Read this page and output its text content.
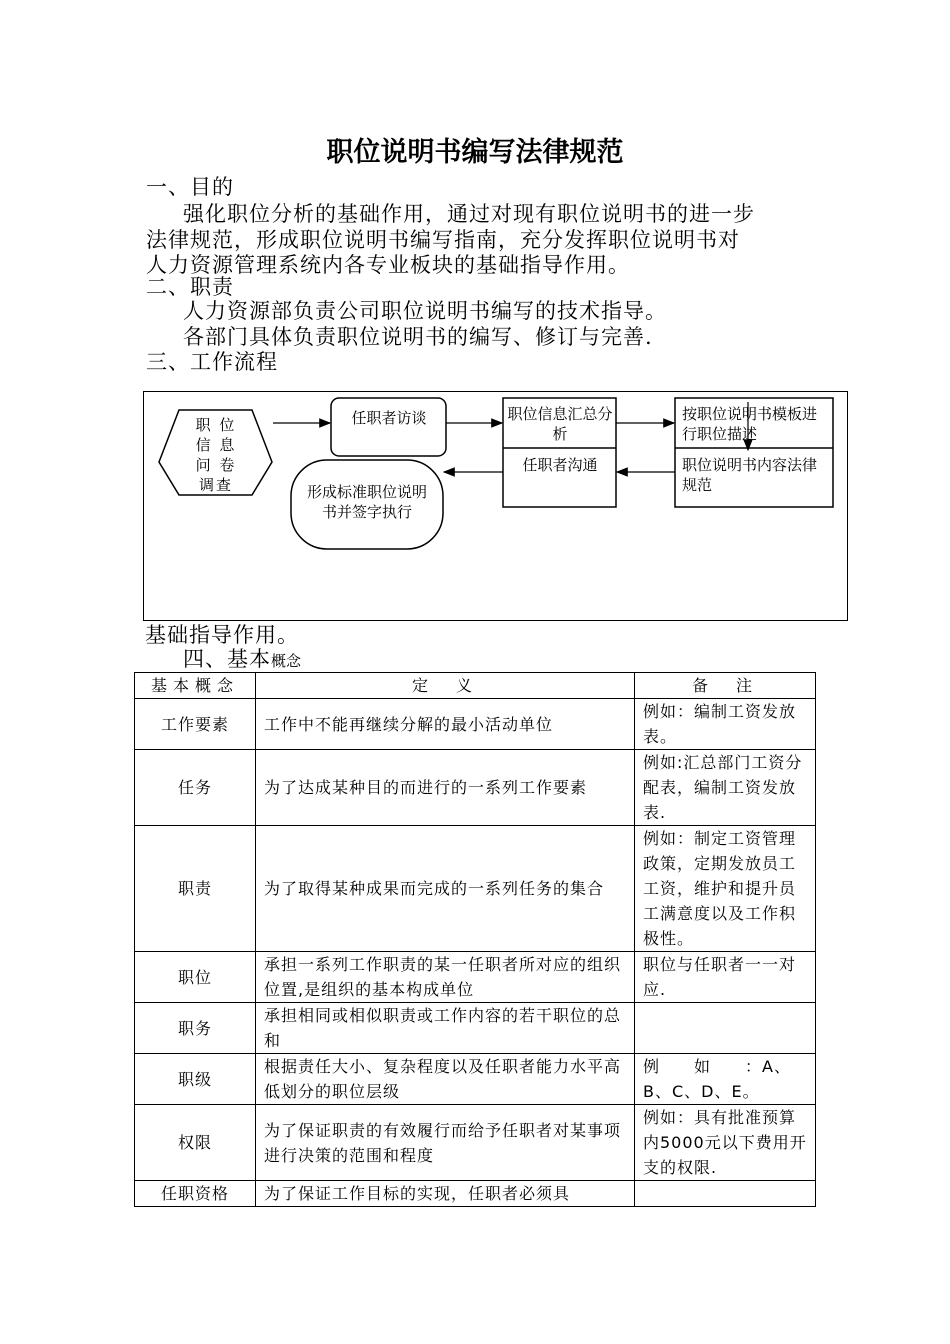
职位说明书编写法律规范
一、目的
强化职位分析的基础作用，通过对现有职位说明书的进一步
法律规范，形成职位说明书编写指南，充分发挥职位说明书对
人力资源管理系统内各专业板块的基础指导作用。
二、职责
人力资源部负责公司职位说明书编写的技术指导。
各部门具体负责职位说明书的编写、修订与完善.
三、工作流程
职 位 信 息 问 卷 调查
任职者访谈	职位信息汇总分析
按职位说明书模板进行职位描述
任职者沟通	职位说明书内容法律规范
形成标准职位说明书并签字执行
基础指导作用。
四、基本概念
基本概念	定　义	备　注
工作要素	工作中不能再继续分解的最小活动单位	例如：编制工资发放表。
任务	为了达成某种目的而进行的一系列工作要素	例如:汇总部门工资分配表，编制工资发放表.
职责	为了取得某种成果而完成的一系列任务的集合	例如：制定工资管理政策，定期发放员工工资，维护和提升员工满意度以及工作积极性。
职位	承担一系列工作职责的某一任职者所对应的组织位置,是组织的基本构成单位	职位与任职者一一对应.
职务	承担相同或相似职责或工作内容的若干职位的总和	
职级	根据责任大小、复杂程度以及任职者能力水平高低划分的职位层级	例　　如　　：A、B、C、D、E。
权限	为了保证职责的有效履行而给予任职者对某事项进行决策的范围和程度	例如：具有批准预算内5000元以下费用开支的权限.
任职资格	为了保证工作目标的实现，任职者必须具	
